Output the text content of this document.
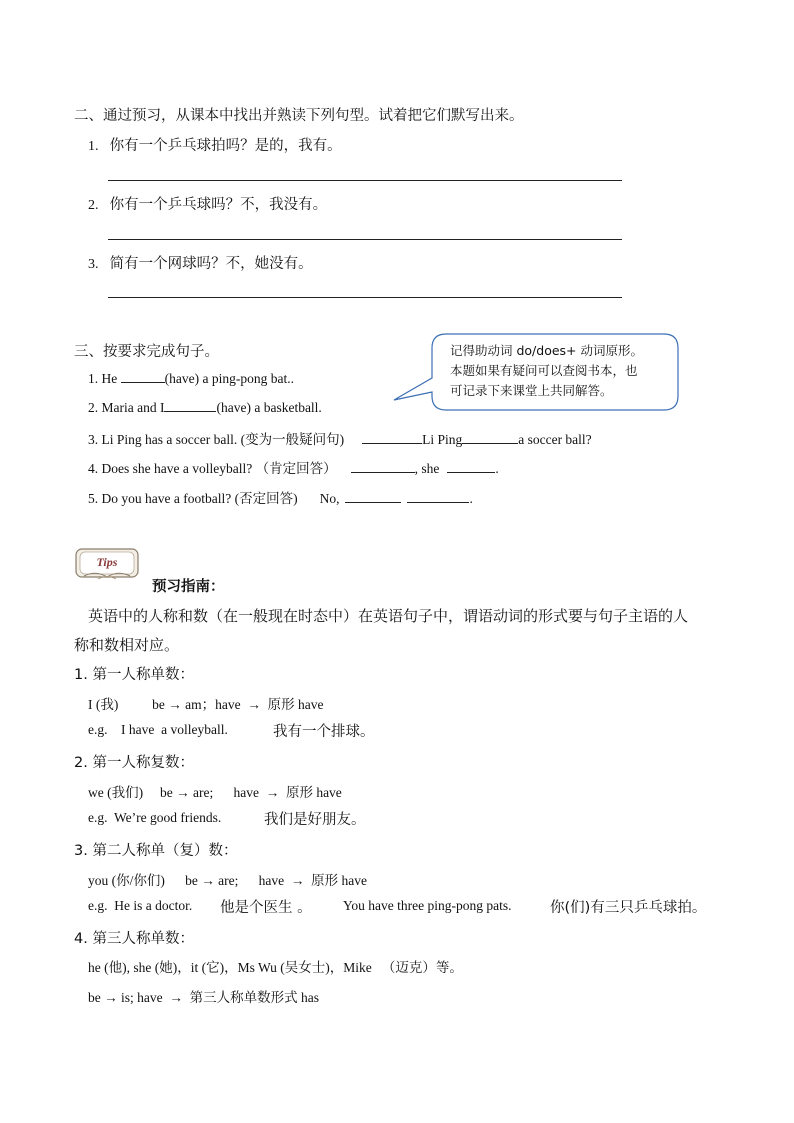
二、通过预习，从课本中找出并熟读下列句型。试着把它们默写出来。
1. 你有一个乒乓球拍吗？是的，我有。
2. 你有一个乒乓球吗？不，我没有。
3. 简有一个网球吗？不，她没有。
三、按要求完成句子。	记得助动词 do/does+ 动词原形。
本题如果有疑问可以查阅书本，也
可记录下来课堂上共同解答。
1. He	(have) a ping-pong bat..
2. Maria and I	(have) a basketball.
3. Li Ping has a soccer ball. (变为一般疑问句)	Li Ping	a soccer ball?
4. Does she have a volleyball? （肯定回答）	, she	.
5. Do you have a football? (否定回答) No,	.
Tips
预习指南：
英语中的人称和数（在一般现在时态中）在英语句子中，谓语动词的形式要与句子主语的人
称和数相对应。
1. 第一人称单数：
I (我)          be → am；have  →  原形 have
e.g.    I have  a volleyball.	我有一个排球。
2. 第一人称复数：
we (我们)     be → are;      have  →  原形 have
e.g.  We’re good friends.	我们是好朋友。
3. 第二人称单（复）数：
you (你/你们)      be → are;      have  →  原形 have
e.g.  He is a doctor. 他是个医生 。 You have three ping-pong pats.	你(们)有三只乒乓球拍。
4. 第三人称单数：
he (他), she (她)，it (它)，Ms Wu (吴女士)，Mike   （迈克）等。
be → is; have  →  第三人称单数形式 has
